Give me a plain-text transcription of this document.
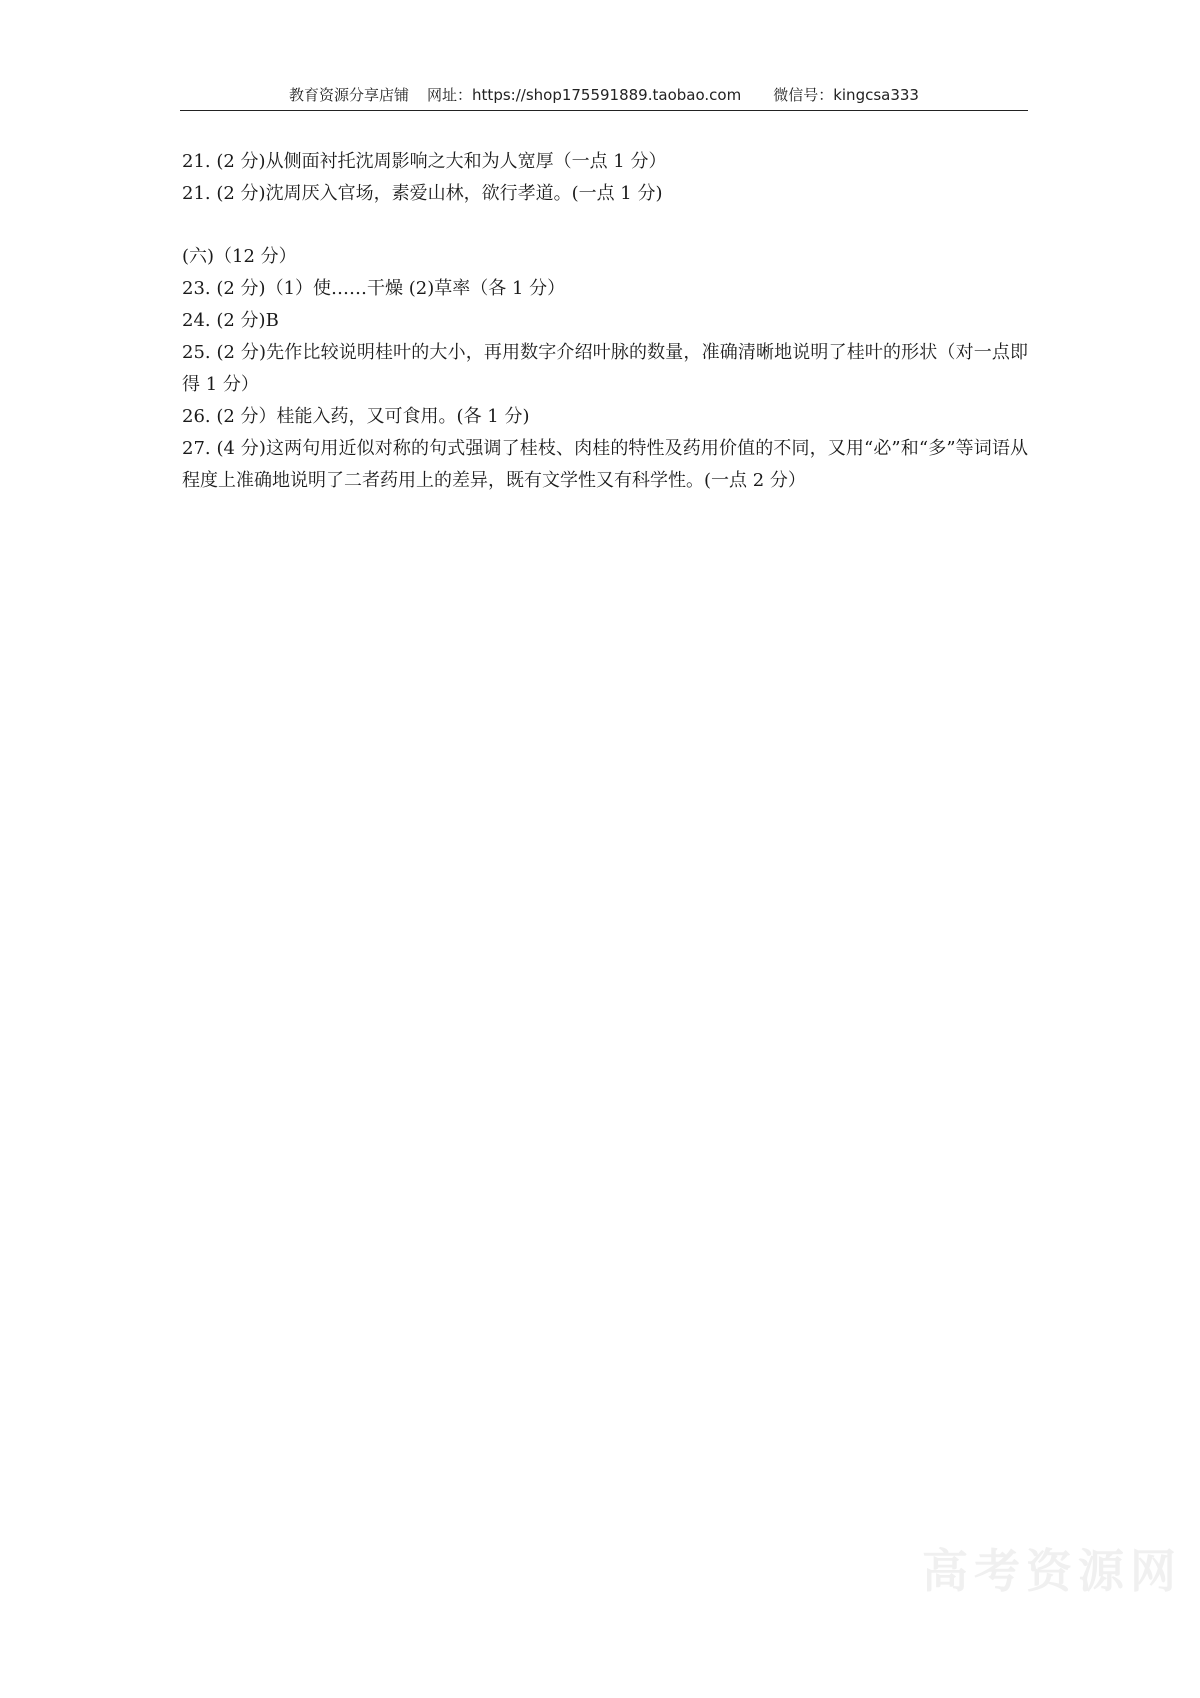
教育资源分享店铺 网址：https://shop175591889.taobao.com 微信号：kingcsa333
21. (2 分)从侧面衬托沈周影响之大和为人宽厚（一点 1 分）
21. (2 分)沈周厌入官场，素爱山林，欲行孝道。(一点 1 分)
(六)（12 分）
23. (2 分)（1）使……干燥 (2)草率（各 1 分）
24. (2 分)B

25. (2 分)先作比较说明桂叶的大小，再用数字介绍叶脉的数量，准确清晰地说明了桂叶的形状（对一点即得 1 分）

26. (2 分）桂能入药，又可食用。(各 1 分)

27. (4 分)这两句用近似对称的句式强调了桂枝、肉桂的特性及药用价值的不同，又用“必”和“多”等词语从程度上准确地说明了二者药用上的差异，既有文学性又有科学性。(一点 2 分）

高考资源网
